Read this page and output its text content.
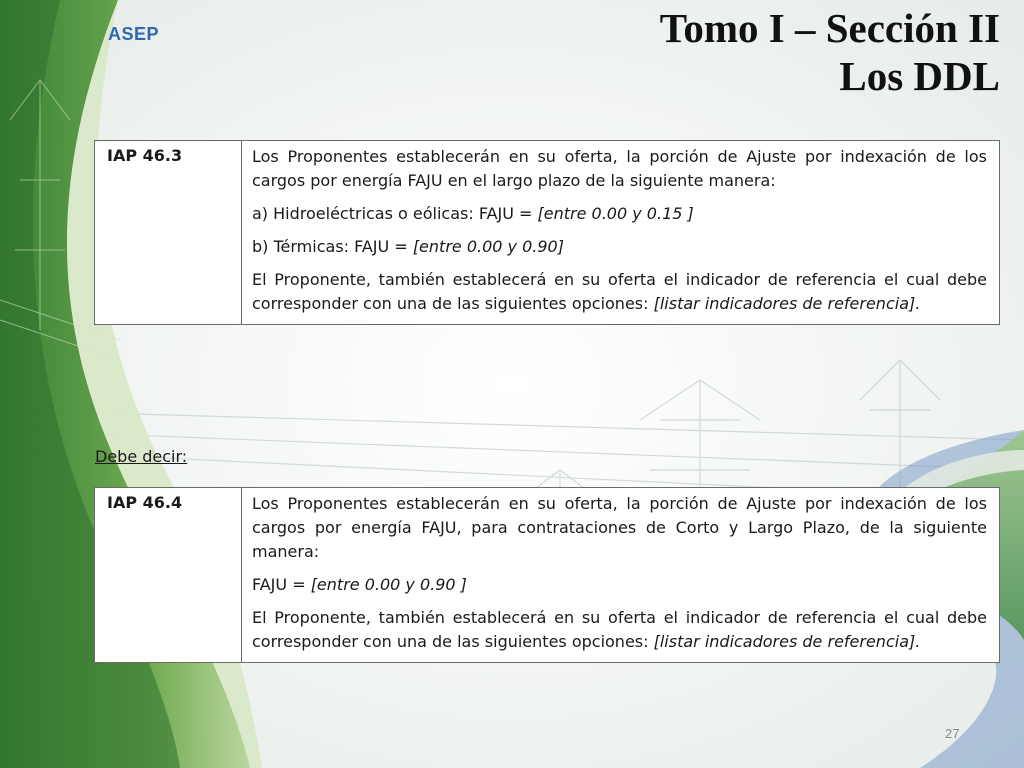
ASEP	Tomo I – Sección II
Los DDL
IAP 46.3	Los Proponentes establecerán en su oferta, la porción de Ajuste por indexación de los cargos por energía FAJU en el largo plazo de la siguiente manera:

a) Hidroeléctricas o eólicas: FAJU = [entre 0.00 y 0.15 ]

b) Térmicas: FAJU = [entre 0.00 y 0.90]

El Proponente, también establecerá en su oferta el indicador de referencia el cual debe corresponder con una de las siguientes opciones: [listar indicadores de referencia].

Debe decir:
IAP 46.4	Los Proponentes establecerán en su oferta, la porción de Ajuste por indexación de los cargos por energía FAJU, para contrataciones de Corto y Largo Plazo, de la siguiente manera:

FAJU = [entre 0.00 y 0.90 ]

El Proponente, también establecerá en su oferta el indicador de referencia el cual debe corresponder con una de las siguientes opciones: [listar indicadores de referencia].

27
